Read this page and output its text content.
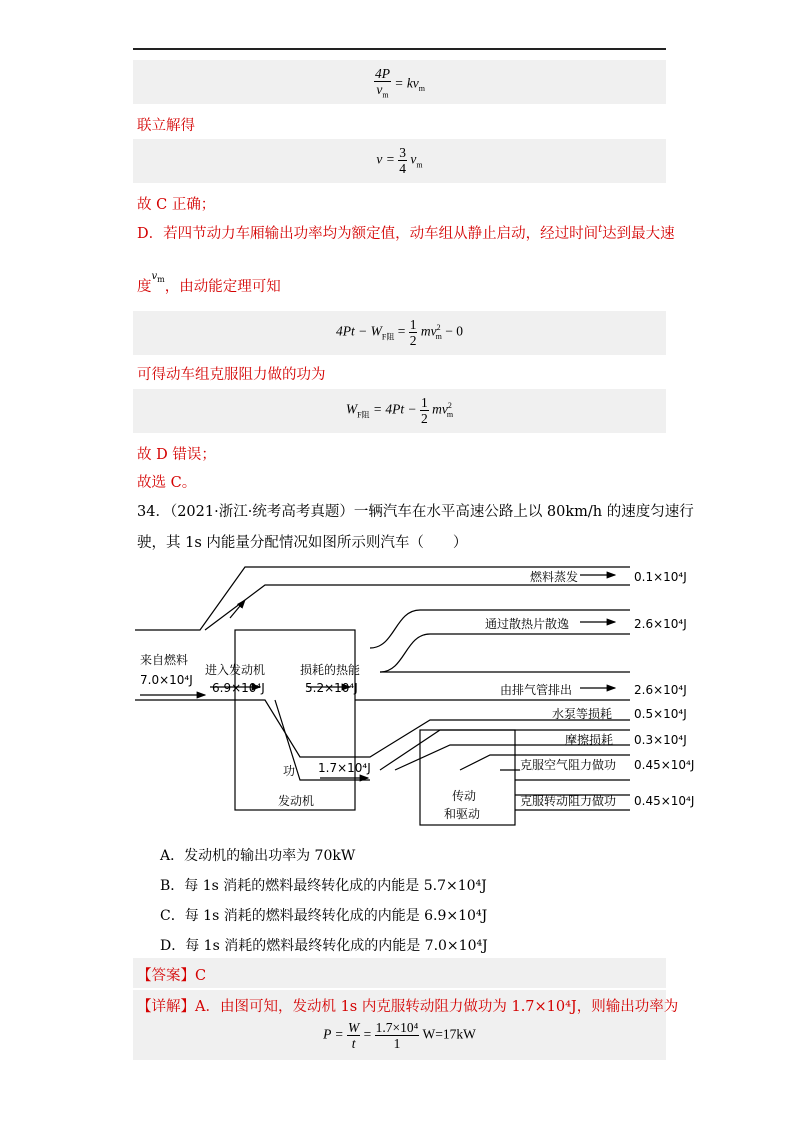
$\frac{4P}{v_m} = kv_m$
联立解得
$v = \frac{3}{4} v_m$
故 C 正确；
D．若四节动力车厢输出功率均为额定值，动车组从静止启动，经过时间$^t$达到最大速
度$^{v_m}$，由动能定理可知
$4Pt - W_{F阻} = \frac{1}{2} mv^2_m - 0$
可得动车组克服阻力做的功为
$W_{F阻} = 4Pt - \frac{1}{2} mv^2_m$
故 D 错误；
故选 C。
34．（2021·浙江·统考高考真题）一辆汽车在水平高速公路上以 80km/h 的速度匀速行
驶，其 1s 内能量分配情况如图所示则汽车（　　）
来自燃料
7.0×10⁴J
进入发动机
6.9×10⁴J
损耗的热能
5.2×10⁴J
功 1.7×10⁴J
发动机	传动
和驱动
燃料蒸发	0.1×10⁴J
通过散热片散逸	2.6×10⁴J
由排气管排出	2.6×10⁴J
水泵等损耗 0.5×10⁴J
摩擦损耗 0.3×10⁴J
克服空气阻力做功 0.45×10⁴J
克服转动阻力做功 0.45×10⁴J
A．发动机的输出功率为 70kW
B．每 1s 消耗的燃料最终转化成的内能是 5.7×10⁴J
C．每 1s 消耗的燃料最终转化成的内能是 6.9×10⁴J
D．每 1s 消耗的燃料最终转化成的内能是 7.0×10⁴J
【答案】C
【详解】A．由图可知，发动机 1s 内克服转动阻力做功为 1.7×10⁴J，则输出功率为
$P = \frac{W}{t} = \frac{\text{1.7×10⁴}}{1} W=17kW$
